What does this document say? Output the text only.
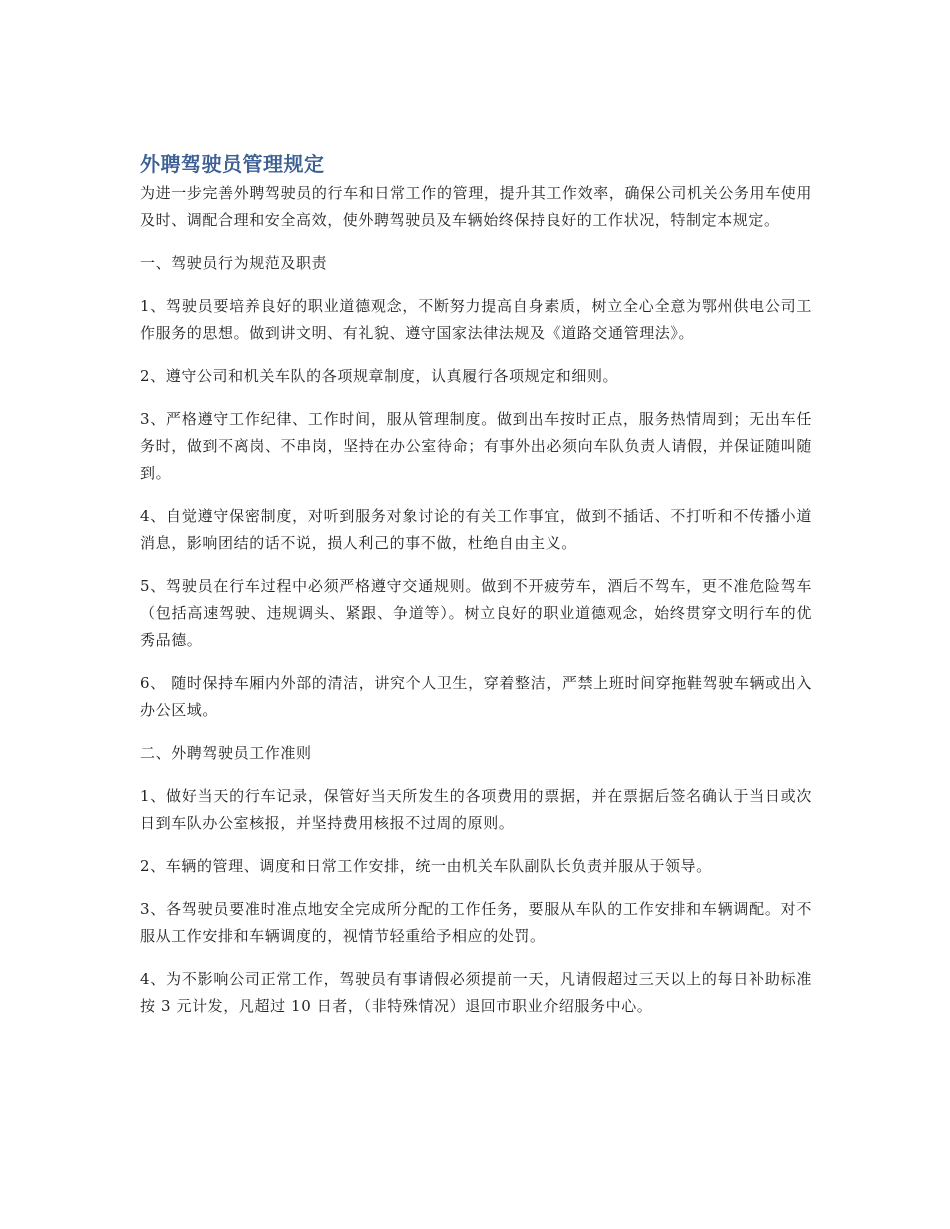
外聘驾驶员管理规定

为进一步完善外聘驾驶员的行车和日常工作的管理，提升其工作效率，确保公司机关公务用车使用及时、调配合理和安全高效，使外聘驾驶员及车辆始终保持良好的工作状况，特制定本规定。

一、驾驶员行为规范及职责

1、驾驶员要培养良好的职业道德观念，不断努力提高自身素质，树立全心全意为鄂州供电公司工作服务的思想。做到讲文明、有礼貌、遵守国家法律法规及《道路交通管理法》。

2、遵守公司和机关车队的各项规章制度，认真履行各项规定和细则。

3、严格遵守工作纪律、工作时间，服从管理制度。做到出车按时正点，服务热情周到；无出车任务时，做到不离岗、不串岗，坚持在办公室待命；有事外出必须向车队负责人请假，并保证随叫随到。

4、自觉遵守保密制度，对听到服务对象讨论的有关工作事宜，做到不插话、不打听和不传播小道消息，影响团结的话不说，损人利己的事不做，杜绝自由主义。

5、驾驶员在行车过程中必须严格遵守交通规则。做到不开疲劳车，酒后不驾车，更不准危险驾车（包括高速驾驶、违规调头、紧跟、争道等）。树立良好的职业道德观念，始终贯穿文明行车的优秀品德。

6、 随时保持车厢内外部的清洁，讲究个人卫生，穿着整洁，严禁上班时间穿拖鞋驾驶车辆或出入办公区域。

二、外聘驾驶员工作准则

1、做好当天的行车记录，保管好当天所发生的各项费用的票据，并在票据后签名确认于当日或次日到车队办公室核报，并坚持费用核报不过周的原则。

2、车辆的管理、调度和日常工作安排，统一由机关车队副队长负责并服从于领导。

3、各驾驶员要准时准点地安全完成所分配的工作任务，要服从车队的工作安排和车辆调配。对不服从工作安排和车辆调度的，视情节轻重给予相应的处罚。

4、为不影响公司正常工作，驾驶员有事请假必须提前一天，凡请假超过三天以上的每日补助标准按 3 元计发，凡超过 10 日者，（非特殊情况）退回市职业介绍服务中心。
